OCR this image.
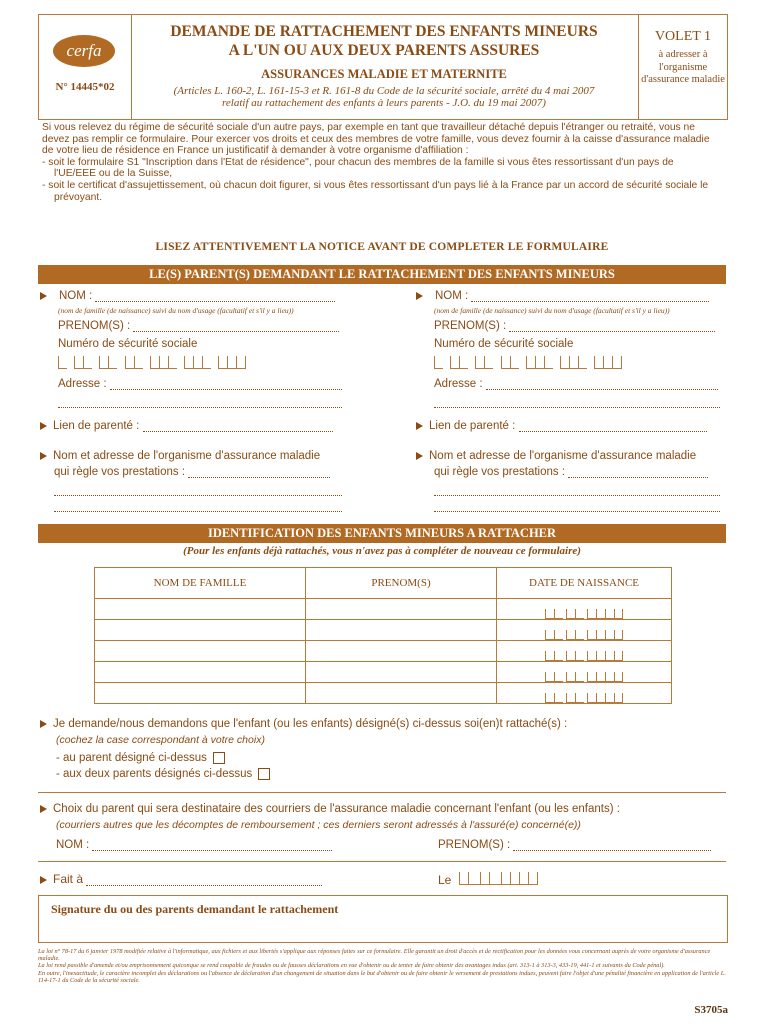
cerfa
N° 14445*02
DEMANDE DE RATTACHEMENT DES ENFANTS MINEURS
A L'UN OU AUX DEUX PARENTS ASSURES
ASSURANCES MALADIE ET MATERNITE
(Articles L. 160-2, L. 161-15-3 et R. 161-8 du Code de la sécurité sociale, arrêté du 4 mai 2007
relatif au rattachement des enfants à leurs parents - J.O. du 19 mai 2007)
VOLET 1
à adresser à l'organisme d'assurance maladie

Si vous relevez du régime de sécurité sociale d'un autre pays, par exemple en tant que travailleur détaché depuis l'étranger ou retraité, vous ne devez pas remplir ce formulaire. Pour exercer vos droits et ceux des membres de votre famille, vous devez fournir à la caisse d'assurance maladie de votre lieu de résidence en France un justificatif à demander à votre organisme d'affiliation :

- soit le formulaire S1 "Inscription dans l'Etat de résidence", pour chacun des membres de la famille si vous êtes ressortissant d'un pays de l'UE/EEE ou de la Suisse,

- soit le certificat d'assujettissement, où chacun doit figurer, si vous êtes ressortissant d'un pays lié à la France par un accord de sécurité sociale le prévoyant.

LISEZ ATTENTIVEMENT LA NOTICE AVANT DE COMPLETER LE FORMULAIRE
LE(S) PARENT(S) DEMANDANT LE RATTACHEMENT DES ENFANTS MINEURS
NOM :
(nom de famille (de naissance) suivi du nom d'usage (facultatif et s'il y a lieu))
PRENOM(S) :
Numéro de sécurité sociale

Adresse :
Lien de parenté :
Nom et adresse de l'organisme d'assurance maladie
qui règle vos prestations :
NOM :
(nom de famille (de naissance) suivi du nom d'usage (facultatif et s'il y a lieu))
PRENOM(S) :
Numéro de sécurité sociale

Adresse :
Lien de parenté :
Nom et adresse de l'organisme d'assurance maladie
qui règle vos prestations :
IDENTIFICATION DES ENFANTS MINEURS A RATTACHER
(Pour les enfants déjà rattachés, vous n'avez pas à compléter de nouveau ce formulaire)
NOM DE FAMILLE	PRENOM(S)	DATE DE NAISSANCE

Je demande/nous demandons que l'enfant (ou les enfants) désigné(s) ci-dessus soi(en)t rattaché(s) :
(cochez la case correspondant à votre choix)
- au parent désigné ci-dessus
- aux deux parents désignés ci-dessus
Choix du parent qui sera destinataire des courriers de l'assurance maladie concernant l'enfant (ou les enfants) :
(courriers autres que les décomptes de remboursement ; ces derniers seront adressés à l'assuré(e) concerné(e))
NOM :	PRENOM(S) :
Fait à	Le
Signature du ou des parents demandant le rattachement

La loi n° 78-17 du 6 janvier 1978 modifiée relative à l'informatique, aux fichiers et aux libertés s'applique aux réponses faites sur ce formulaire. Elle garantit un droit d'accès et de rectification pour les données vous concernant auprès de votre organisme d'assurance maladie.

La loi rend passible d'amende et/ou emprisonnement quiconque se rend coupable de fraudes ou de fausses déclarations en vue d'obtenir ou de tenter de faire obtenir des avantages indus (art. 313-1 à 313-3, 433-19, 441-1 et suivants du Code pénal).

En outre, l'inexactitude, le caractère incomplet des déclarations ou l'absence de déclaration d'un changement de situation dans le but d'obtenir ou de faire obtenir le versement de prestations indues, peuvent faire l'objet d'une pénalité financière en application de l'article L. 114-17-1 du Code de la sécurité sociale.

S3705a
